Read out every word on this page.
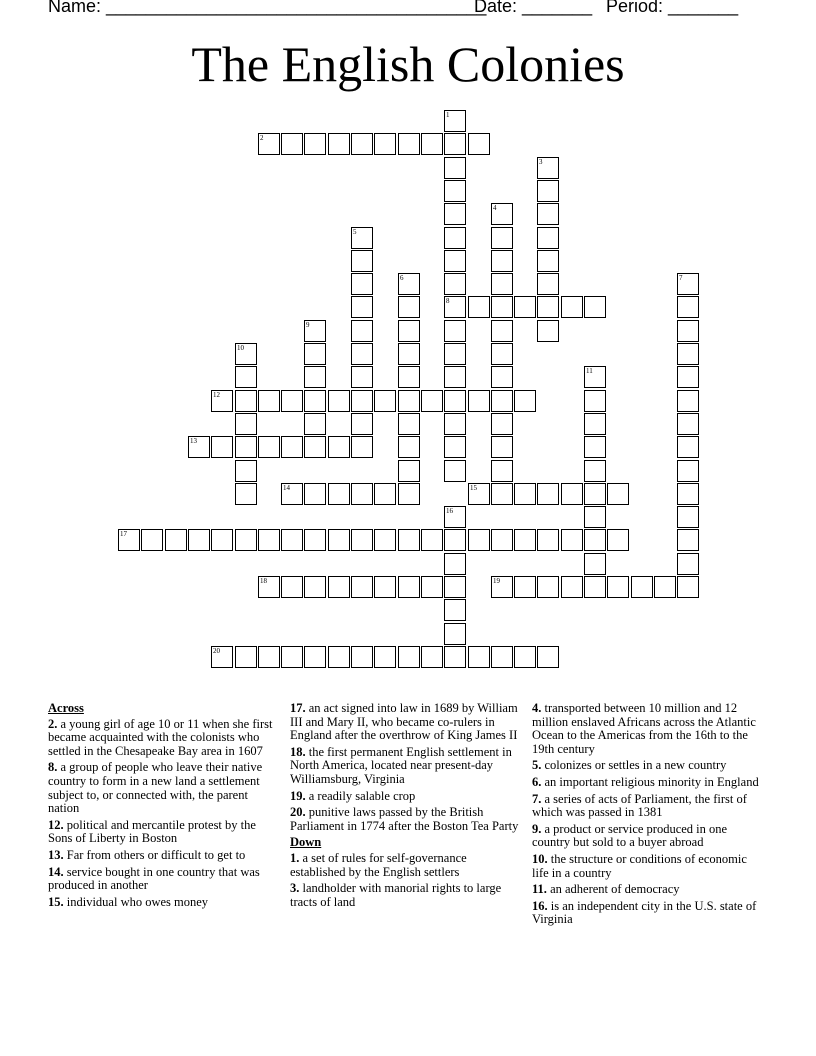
Name: ______________________________________
Date: _______ Period: _______
The English Colonies
1
8
2
3
4
5
6	7
9
10
11
12
13
14	15
16
17
18	19
20
Across
2. a young girl of age 10 or 11 when she first became acquainted with the colonists who settled in the Chesapeake Bay area in 1607
8. a group of people who leave their native country to form in a new land a settlement subject to, or connected with, the parent nation
12. political and mercantile protest by the Sons of Liberty in Boston
13. Far from others or difficult to get to
14. service bought in one country that was produced in another
15. individual who owes money
17. an act signed into law in 1689 by William III and Mary II, who became co-rulers in England after the overthrow of King James II
18. the first permanent English settlement in North America, located near present-day Williamsburg, Virginia
19. a readily salable crop
20. punitive laws passed by the British Parliament in 1774 after the Boston Tea Party
Down
1. a set of rules for self-governance established by the English settlers
3. landholder with manorial rights to large tracts of land
4. transported between 10 million and 12 million enslaved Africans across the Atlantic Ocean to the Americas from the 16th to the 19th century
5. colonizes or settles in a new country
6. an important religious minority in England
7. a series of acts of Parliament, the first of which was passed in 1381
9. a product or service produced in one country but sold to a buyer abroad
10. the structure or conditions of economic life in a country
11. an adherent of democracy
16. is an independent city in the U.S. state of Virginia
